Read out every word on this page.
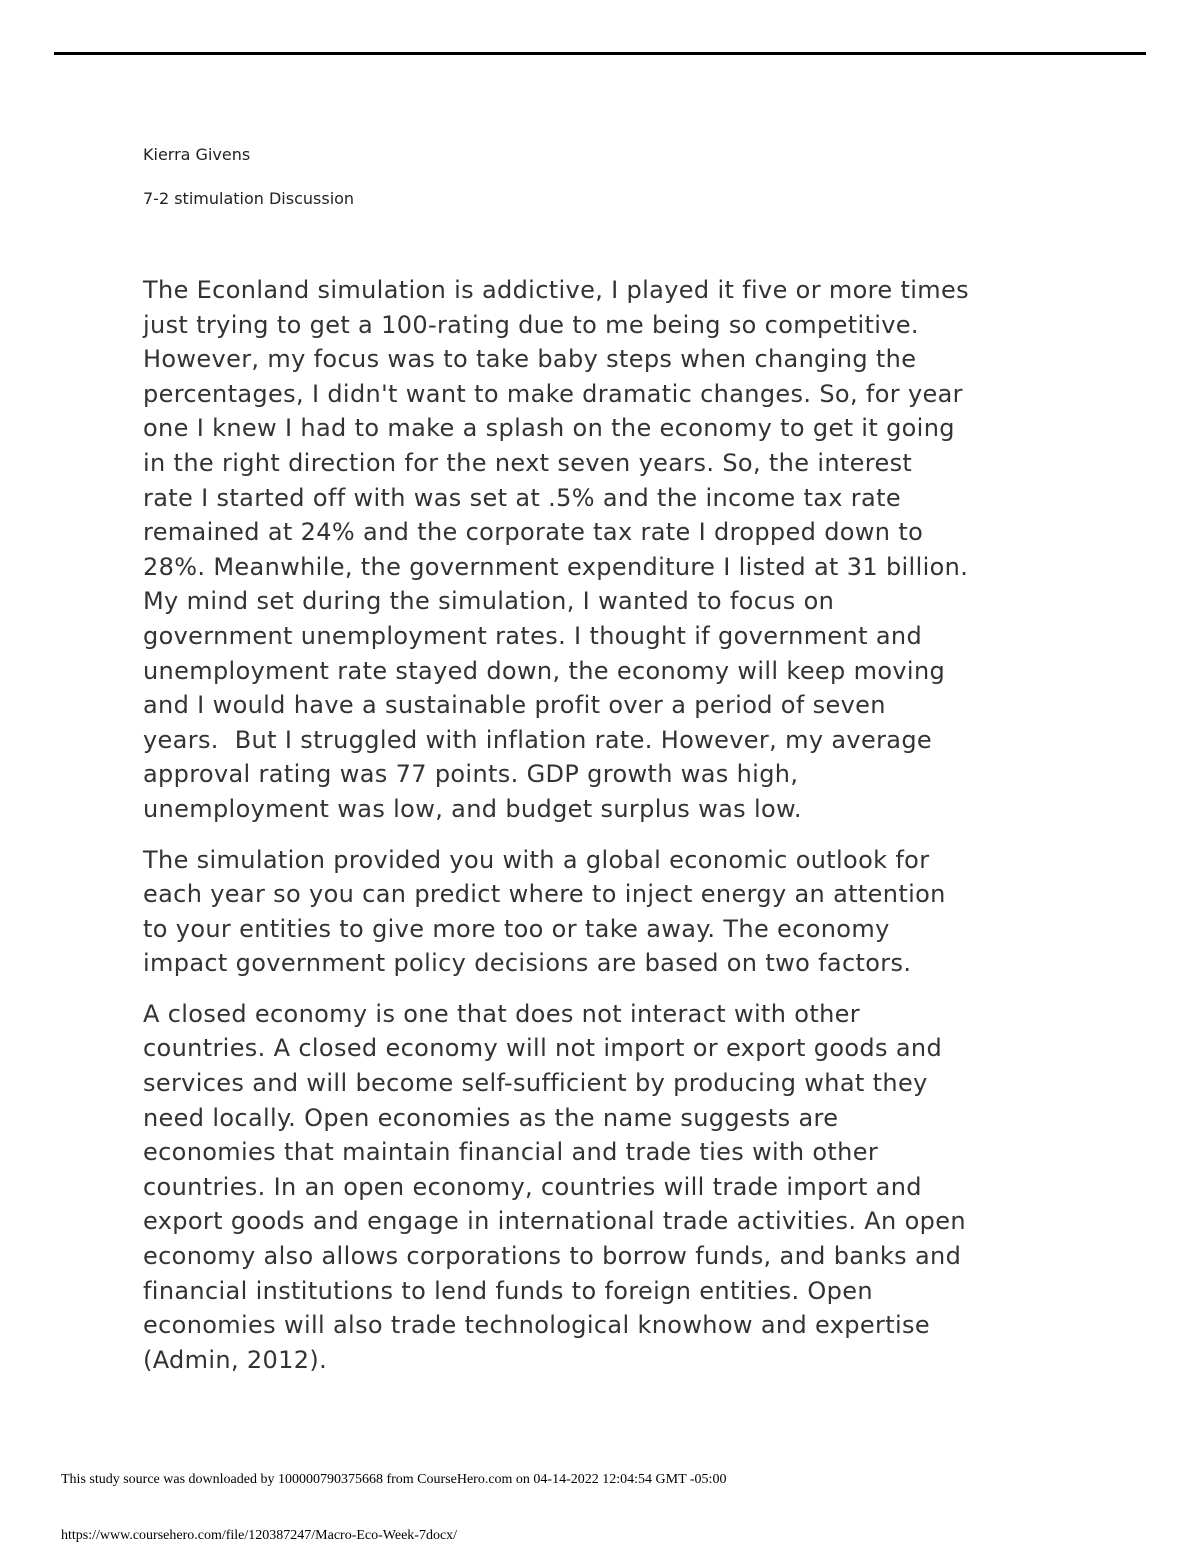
Kierra Givens
7-2 stimulation Discussion
The Econland simulation is addictive, I played it five or more times
just trying to get a 100-rating due to me being so competitive.
However, my focus was to take baby steps when changing the
percentages, I didn't want to make dramatic changes. So, for year
one I knew I had to make a splash on the economy to get it going
in the right direction for the next seven years. So, the interest
rate I started off with was set at .5% and the income tax rate
remained at 24% and the corporate tax rate I dropped down to
28%. Meanwhile, the government expenditure I listed at 31 billion.
My mind set during the simulation, I wanted to focus on
government unemployment rates. I thought if government and
unemployment rate stayed down, the economy will keep moving
and I would have a sustainable profit over a period of seven
years.  But I struggled with inflation rate. However, my average
approval rating was 77 points. GDP growth was high,
unemployment was low, and budget surplus was low.
The simulation provided you with a global economic outlook for
each year so you can predict where to inject energy an attention
to your entities to give more too or take away. The economy
impact government policy decisions are based on two factors.
A closed economy is one that does not interact with other
countries. A closed economy will not import or export goods and
services and will become self-sufficient by producing what they
need locally. Open economies as the name suggests are
economies that maintain financial and trade ties with other
countries. In an open economy, countries will trade import and
export goods and engage in international trade activities. An open
economy also allows corporations to borrow funds, and banks and
financial institutions to lend funds to foreign entities. Open
economies will also trade technological knowhow and expertise
(Admin, 2012).
This study source was downloaded by 100000790375668 from CourseHero.com on 04-14-2022 12:04:54 GMT -05:00
https://www.coursehero.com/file/120387247/Macro-Eco-Week-7docx/
